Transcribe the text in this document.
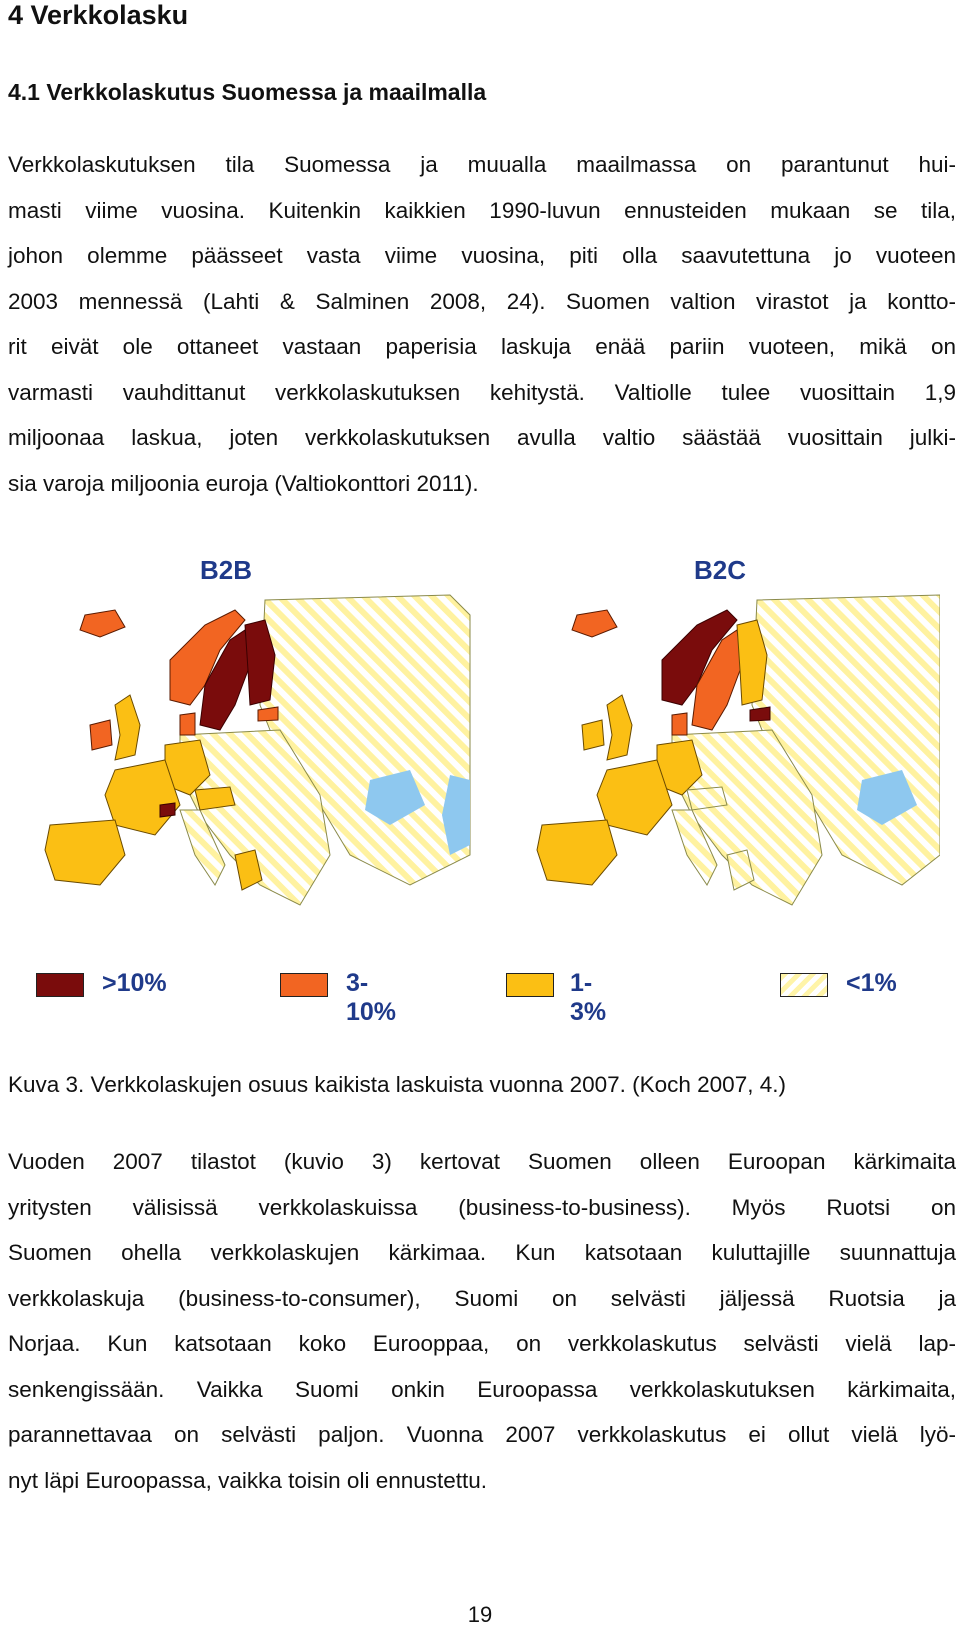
4 Verkkolasku
4.1 Verkkolaskutus Suomessa ja maailmalla

Verkkolaskutuksen tila Suomessa ja muualla maailmassa on parantunut hui-
masti viime vuosina. Kuitenkin kaikkien 1990-luvun ennusteiden mukaan se tila,
johon olemme päässeet vasta viime vuosina, piti olla saavutettuna jo vuoteen
2003 mennessä (Lahti & Salminen 2008, 24). Suomen valtion virastot ja kontto-
rit eivät ole ottaneet vastaan paperisia laskuja enää pariin vuoteen, mikä on
varmasti vauhdittanut verkkolaskutuksen kehitystä. Valtiolle tulee vuosittain 1,9
miljoonaa laskua, joten verkkolaskutuksen avulla valtio säästää vuosittain julki-
sia varoja miljoonia euroja (Valtiokonttori 2011).

B2B	B2C
>10%	3-10%
1-3%
<1%
Kuva 3. Verkkolaskujen osuus kaikista laskuista vuonna 2007. (Koch 2007, 4.)

Vuoden 2007 tilastot (kuvio 3) kertovat Suomen olleen Euroopan kärkimaita
yritysten välisissä verkkolaskuissa (business-to-business). Myös Ruotsi on
Suomen ohella verkkolaskujen kärkimaa. Kun katsotaan kuluttajille suunnattuja
verkkolaskuja (business-to-consumer), Suomi on selvästi jäljessä Ruotsia ja
Norjaa. Kun katsotaan koko Eurooppaa, on verkkolaskutus selvästi vielä lap-
senkengissään. Vaikka Suomi onkin Euroopassa verkkolaskutuksen kärkimaita,
parannettavaa on selvästi paljon. Vuonna 2007 verkkolaskutus ei ollut vielä lyö-
nyt läpi Euroopassa, vaikka toisin oli ennustettu.

19
